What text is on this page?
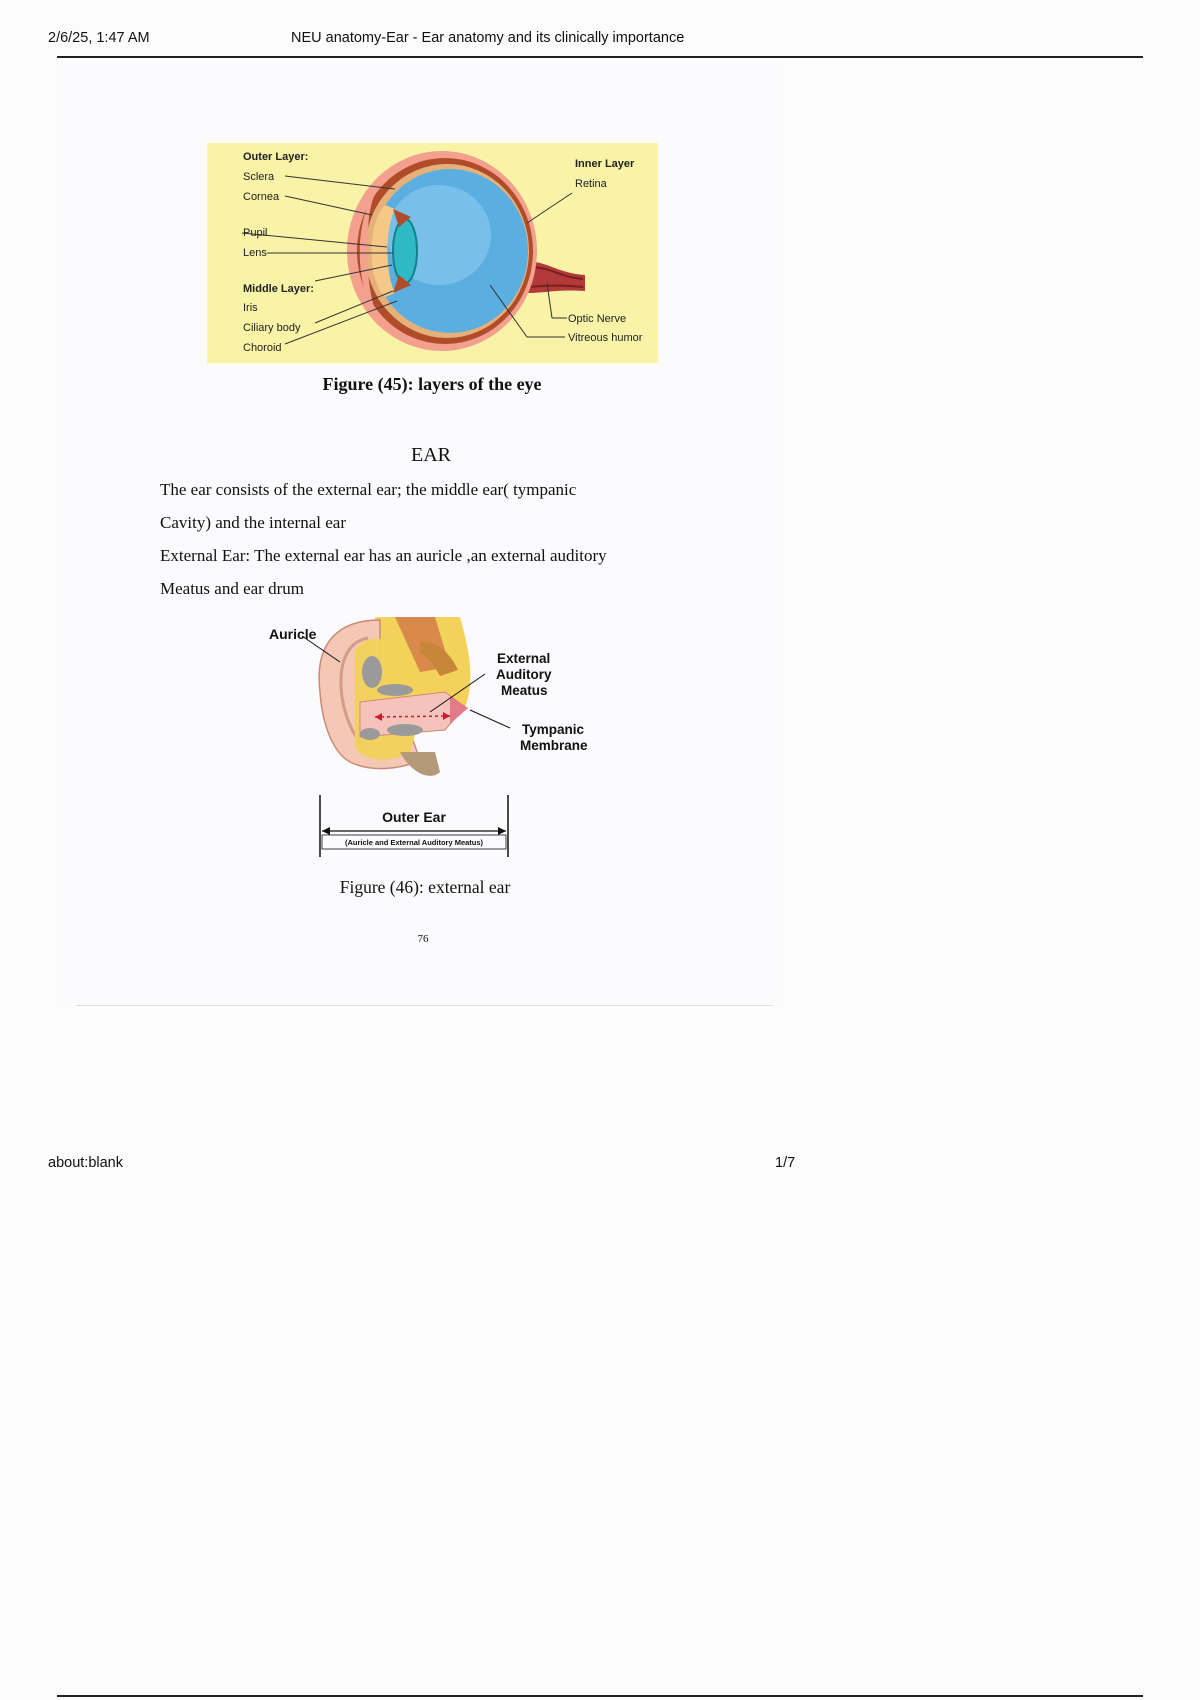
2/6/25, 1:47 AM	NEU anatomy-Ear - Ear anatomy and its clinically importance
Outer Layer:
Sclera
Cornea
Pupil
Lens
Middle Layer:
Iris
Ciliary body
Choroid
Inner Layer
Retina
Optic Nerve
Vitreous humor
Figure (45): layers of the eye
EAR
The ear consists of the external ear; the middle ear( tympanic
Cavity) and the internal ear
External Ear: The external ear has an auricle ,an external auditory
Meatus and ear drum
Auricle
External
Auditory
Meatus
Tympanic
Membrane
Outer Ear
(Auricle and External Auditory Meatus)
Figure (46): external ear
76
about:blank	1/7
